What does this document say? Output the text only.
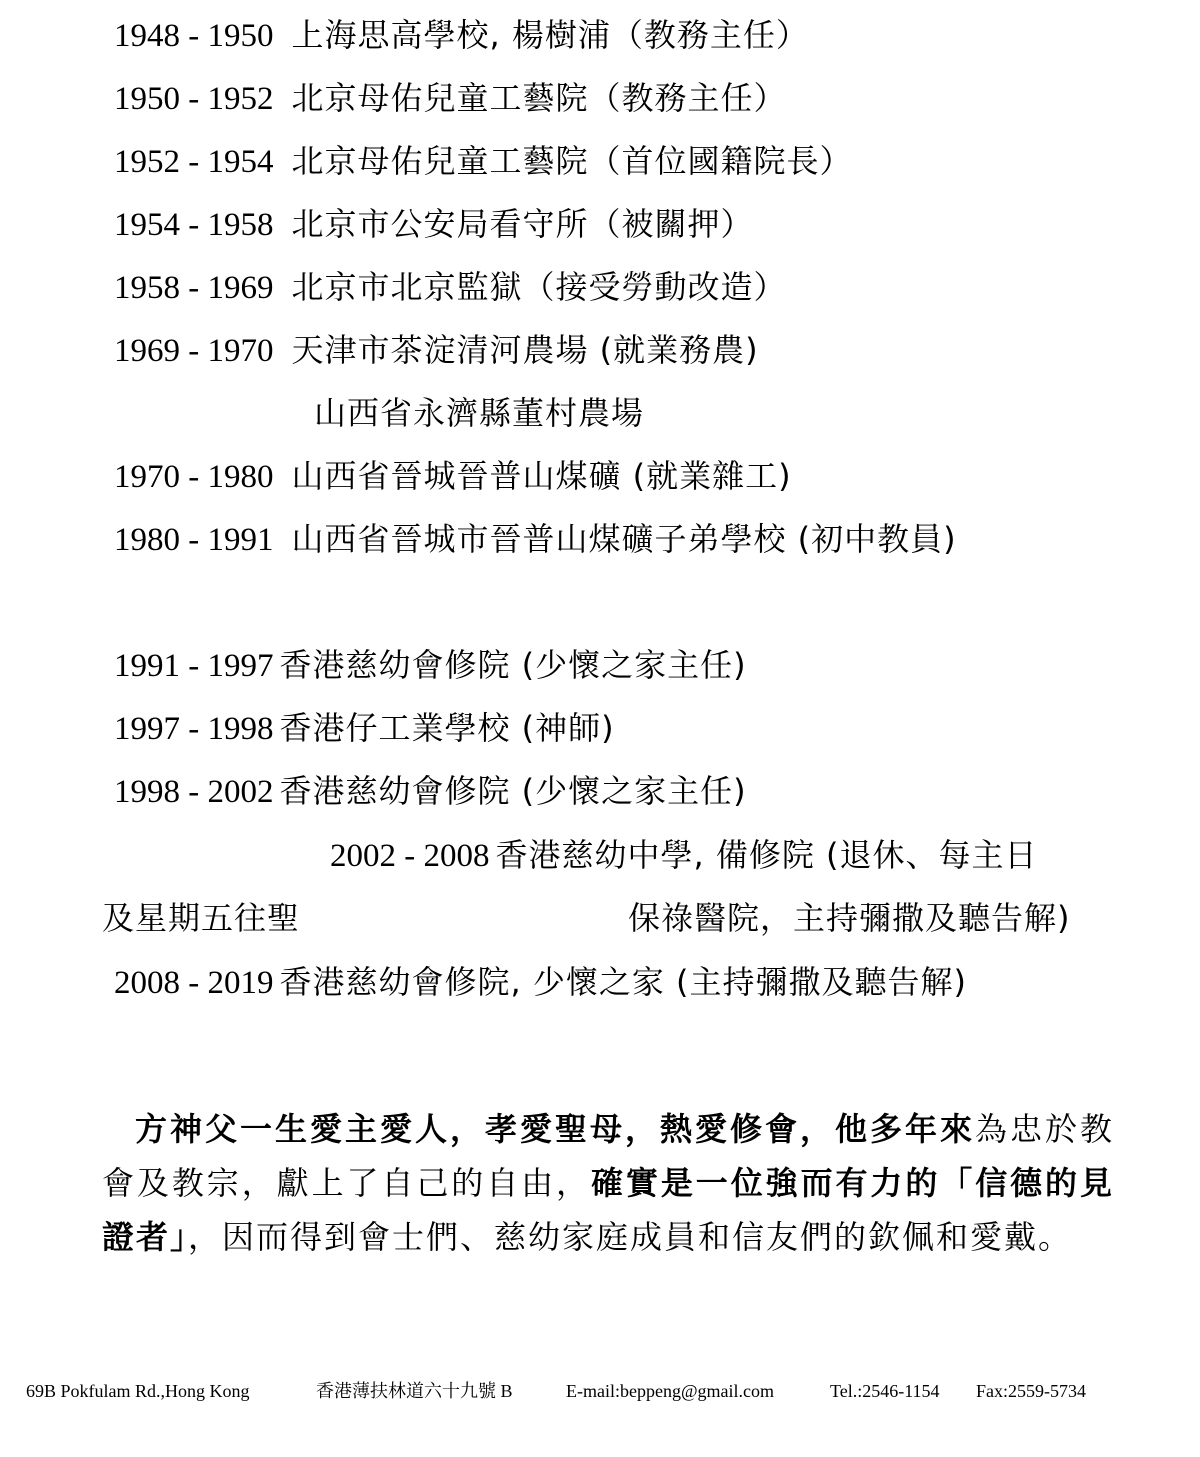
1948 - 1950 上海思高學校, 楊樹浦（教務主任）
1950 - 1952 北京母佑兒童工藝院（教務主任）
1952 - 1954 北京母佑兒童工藝院（首位國籍院長）
1954 - 1958 北京市公安局看守所（被關押）
1958 - 1969 北京市北京監獄（接受勞動改造）
1969 - 1970 天津市茶淀清河農場 (就業務農)
山西省永濟縣董村農場
1970 - 1980 山西省晉城晉普山煤礦 (就業雜工)
1980 - 1991 山西省晉城市晉普山煤礦子弟學校 (初中教員)
1991 - 1997 香港慈幼會修院 (少懷之家主任)
1997 - 1998 香港仔工業學校 (神師)
1998 - 2002 香港慈幼會修院 (少懷之家主任)
2002 - 2008 香港慈幼中學, 備修院 (退休、每主日
及星期五往聖	保祿醫院，主持彌撒及聽告解)
2008 - 2019 香港慈幼會修院, 少懷之家 (主持彌撒及聽告解)

方神父一生愛主愛人，孝愛聖母，熱愛修會，他多年來為忠於教會及教宗，獻上了自己的自由，確實是一位強而有力的「信德的見證者」，因而得到會士們、慈幼家庭成員和信友們的欽佩和愛戴。

69B Pokfulam Rd.,Hong Kong	香港薄扶林道六十九號 B	E-mail:beppeng@gmail.com	Tel.:2546-1154 Fax:2559-5734
